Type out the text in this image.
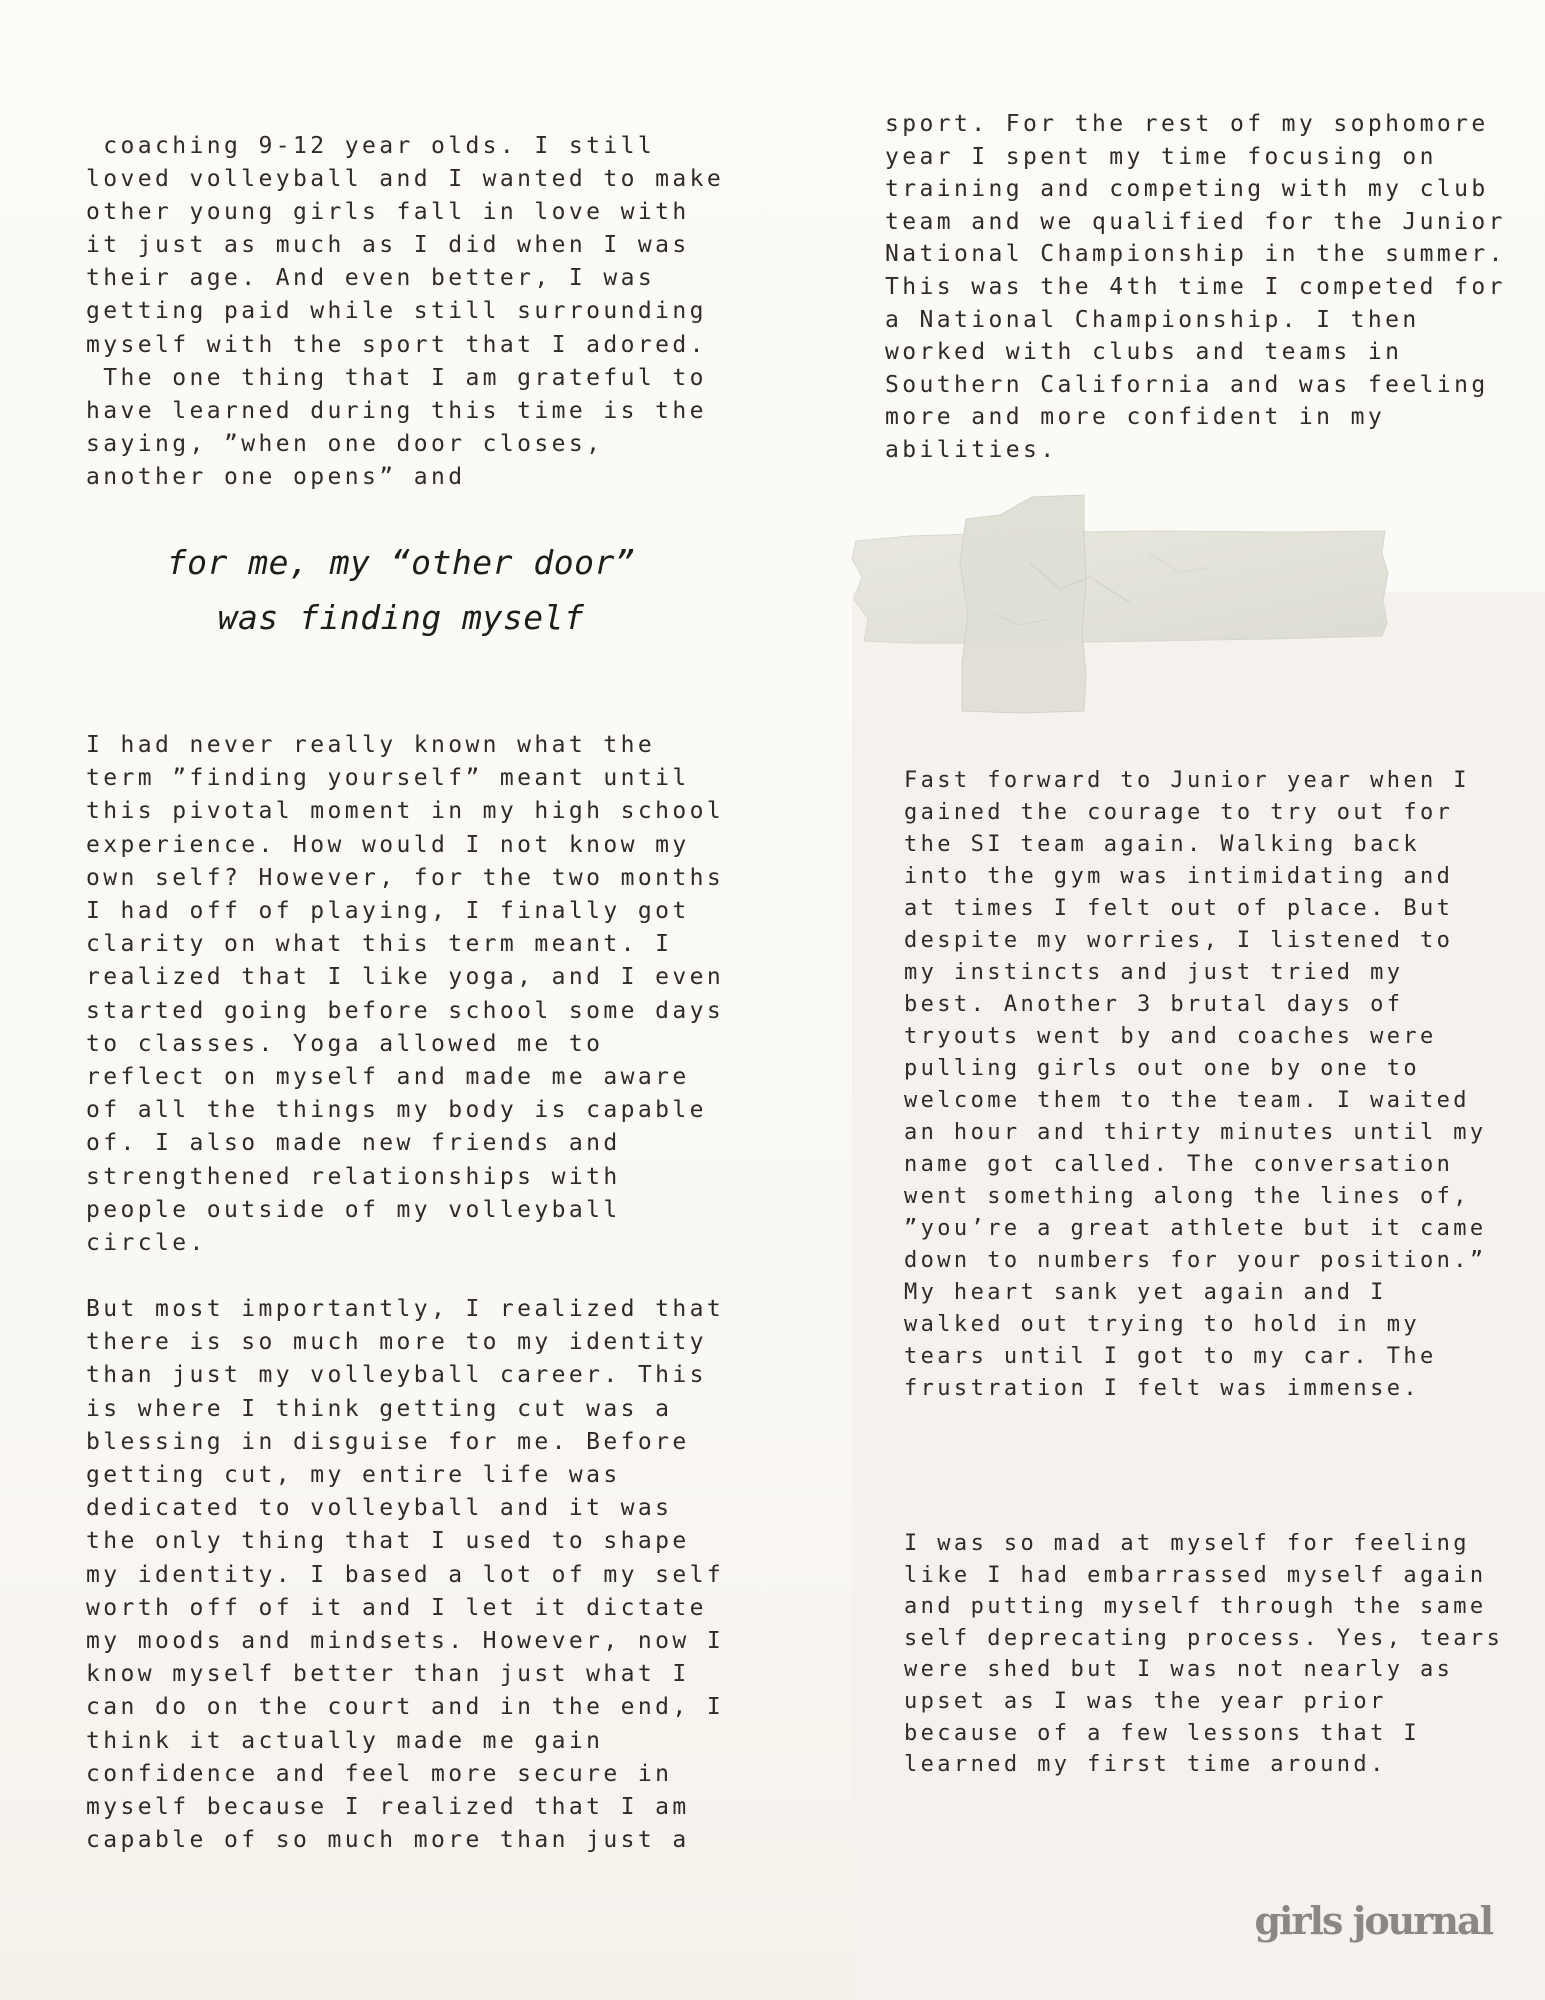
coaching 9-12 year olds. I still
loved volleyball and I wanted to make
other young girls fall in love with
it just as much as I did when I was
their age. And even better, I was
getting paid while still surrounding
myself with the sport that I adored.
The one thing that I am grateful to
have learned during this time is the
saying, ”when one door closes,
another one opens” and

for me, my “other door”
was finding myself

I had never really known what the
term ”finding yourself” meant until
this pivotal moment in my high school
experience. How would I not know my
own self? However, for the two months
I had off of playing, I finally got
clarity on what this term meant. I
realized that I like yoga, and I even
started going before school some days
to classes. Yoga allowed me to
reflect on myself and made me aware
of all the things my body is capable
of. I also made new friends and
strengthened relationships with
people outside of my volleyball
circle.

But most importantly, I realized that
there is so much more to my identity
than just my volleyball career. This
is where I think getting cut was a
blessing in disguise for me. Before
getting cut, my entire life was
dedicated to volleyball and it was
the only thing that I used to shape
my identity. I based a lot of my self
worth off of it and I let it dictate
my moods and mindsets. However, now I
know myself better than just what I
can do on the court and in the end, I
think it actually made me gain
confidence and feel more secure in
myself because I realized that I am
capable of so much more than just a

sport. For the rest of my sophomore
year I spent my time focusing on
training and competing with my club
team and we qualified for the Junior
National Championship in the summer.
This was the 4th time I competed for
a National Championship. I then
worked with clubs and teams in
Southern California and was feeling
more and more confident in my
abilities.

Fast forward to Junior year when I
gained the courage to try out for
the SI team again. Walking back
into the gym was intimidating and
at times I felt out of place. But
despite my worries, I listened to
my instincts and just tried my
best. Another 3 brutal days of
tryouts went by and coaches were
pulling girls out one by one to
welcome them to the team. I waited
an hour and thirty minutes until my
name got called. The conversation
went something along the lines of,
”you’re a great athlete but it came
down to numbers for your position.”
My heart sank yet again and I
walked out trying to hold in my
tears until I got to my car. The
frustration I felt was immense.

I was so mad at myself for feeling
like I had embarrassed myself again
and putting myself through the same
self deprecating process. Yes, tears
were shed but I was not nearly as
upset as I was the year prior
because of a few lessons that I
learned my first time around.

girls journal
